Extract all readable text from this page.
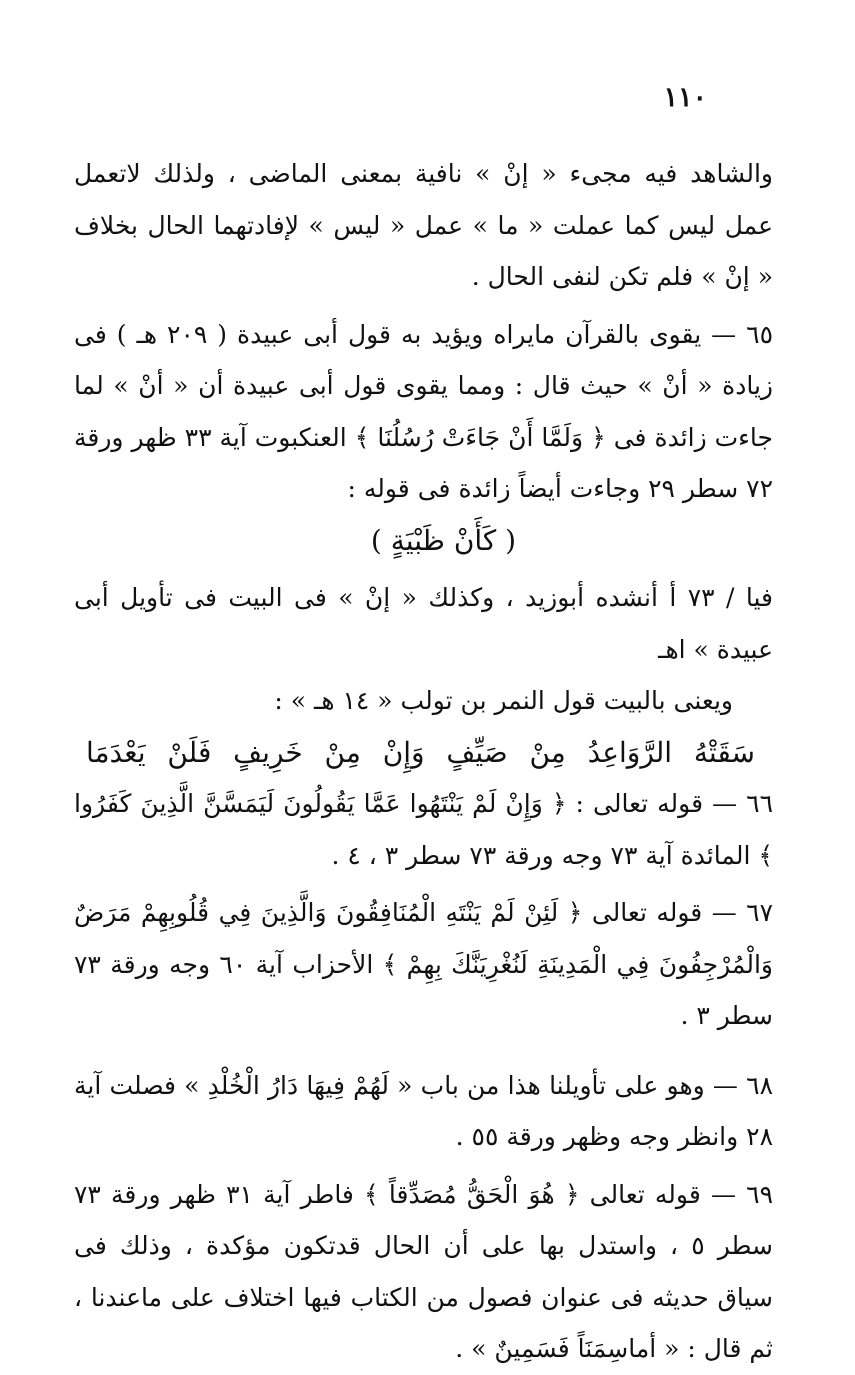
١١٠

والشاهد فيه مجىء « إنْ » نافية بمعنى الماضى ، ولذلك لاتعمل عمل ليس كما عملت « ما » عمل « ليس » لإفادتهما الحال بخلاف « إنْ » فلم تكن لنفى الحال .

٦٥ — يقوى بالقرآن مايراه ويؤيد به قول أبى عبيدة ( ٢٠٩ هـ ) فى زيادة « أنْ » حيث قال : ومما يقوى قول أبى عبيدة أن « أنْ » لما جاءت زائدة فى ﴿ وَلَمَّا أَنْ جَاءَتْ رُسُلُنَا ﴾ العنكبوت آية ٣٣ ظهر ورقة ٧٢ سطر ٢٩ وجاءت أيضاً زائدة فى قوله :

( كَأَنْ ظَبْيَةٍ )

فيا / ٧٣ أ أنشده أبوزيد ، وكذلك « إنْ » فى البيت فى تأويل أبى عبيدة » اهـ

ويعنى بالبيت قول النمر بن تولب « ١٤ هـ » :

سَقَتْهُ الرَّوَاعِدُ مِنْ صَيِّفٍ وَإِنْ مِنْ خَرِيفٍ فَلَنْ يَعْدَمَا

٦٦ — قوله تعالى : ﴿ وَإِنْ لَمْ يَنْتَهُوا عَمَّا يَقُولُونَ لَيَمَسَّنَّ الَّذِينَ كَفَرُوا ﴾ المائدة آية ٧٣ وجه ورقة ٧٣ سطر ٣ ، ٤ .

٦٧ — قوله تعالى ﴿ لَئِنْ لَمْ يَنْتَهِ الْمُنَافِقُونَ وَالَّذِينَ فِي قُلُوبِهِمْ مَرَضٌ وَالْمُرْجِفُونَ فِي الْمَدِينَةِ لَنُغْرِيَنَّكَ بِهِمْ ﴾ الأحزاب آية ٦٠ وجه ورقة ٧٣ سطر ٣ .

٦٨ — وهو على تأويلنا هذا من باب « لَهُمْ فِيهَا دَارُ الْخُلْدِ » فصلت آية ٢٨ وانظر وجه وظهر ورقة ٥٥ .

٦٩ — قوله تعالى ﴿ هُوَ الْحَقُّ مُصَدِّقاً ﴾ فاطر آية ٣١ ظهر ورقة ٧٣ سطر ٥ ، واستدل بها على أن الحال قدتكون مؤكدة ، وذلك فى سياق حديثه فى عنوان فصول من الكتاب فيها اختلاف على ماعندنا ، ثم قال : « أماسِمَنَاً فَسَمِينٌ » .
